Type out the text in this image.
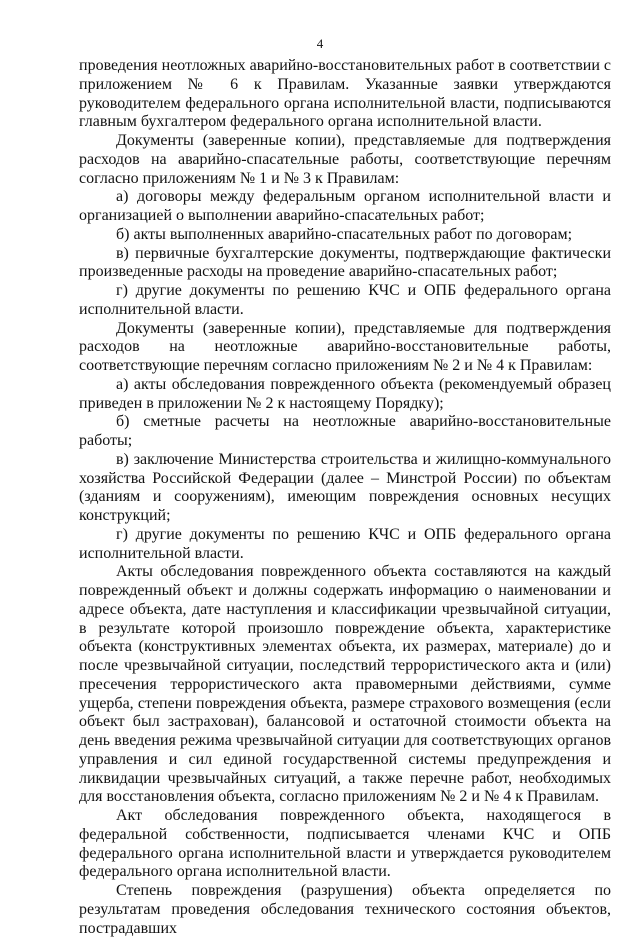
4

проведения неотложных аварийно-восстановительных работ в соответствии с приложением № 6 к Правилам. Указанные заявки утверждаются руководителем федерального органа исполнительной власти, подписываются главным бухгалтером федерального органа исполнительной власти.

Документы (заверенные копии), представляемые для подтверждения расходов на аварийно-спасательные работы, соответствующие перечням согласно приложениям № 1 и № 3 к Правилам:

а) договоры между федеральным органом исполнительной власти и организацией о выполнении аварийно-спасательных работ;

б) акты выполненных аварийно-спасательных работ по договорам;

в) первичные бухгалтерские документы, подтверждающие фактически произведенные расходы на проведение аварийно-спасательных работ;

г) другие документы по решению КЧС и ОПБ федерального органа исполнительной власти.

Документы (заверенные копии), представляемые для подтверждения расходов на неотложные аварийно-восстановительные работы, соответствующие перечням согласно приложениям № 2 и № 4 к Правилам:

а) акты обследования поврежденного объекта (рекомендуемый образец приведен в приложении № 2 к настоящему Порядку);

б) сметные расчеты на неотложные аварийно-восстановительные работы;

в) заключение Министерства строительства и жилищно-коммунального хозяйства Российской Федерации (далее – Минстрой России) по объектам (зданиям и сооружениям), имеющим повреждения основных несущих конструкций;

г) другие документы по решению КЧС и ОПБ федерального органа исполнительной власти.

Акты обследования поврежденного объекта составляются на каждый поврежденный объект и должны содержать информацию о наименовании и адресе объекта, дате наступления и классификации чрезвычайной ситуации, в результате которой произошло повреждение объекта, характеристике объекта (конструктивных элементах объекта, их размерах, материале) до и после чрезвычайной ситуации, последствий террористического акта и (или) пресечения террористического акта правомерными действиями, сумме ущерба, степени повреждения объекта, размере страхового возмещения (если объект был застрахован), балансовой и остаточной стоимости объекта на день введения режима чрезвычайной ситуации для соответствующих органов управления и сил единой государственной системы предупреждения и ликвидации чрезвычайных ситуаций, а также перечне работ, необходимых для восстановления объекта, согласно приложениям № 2 и № 4 к Правилам.

Акт обследования поврежденного объекта, находящегося в федеральной собственности, подписывается членами КЧС и ОПБ федерального органа исполнительной власти и утверждается руководителем федерального органа исполнительной власти.

Степень повреждения (разрушения) объекта определяется по результатам проведения обследования технического состояния объектов, пострадавших
